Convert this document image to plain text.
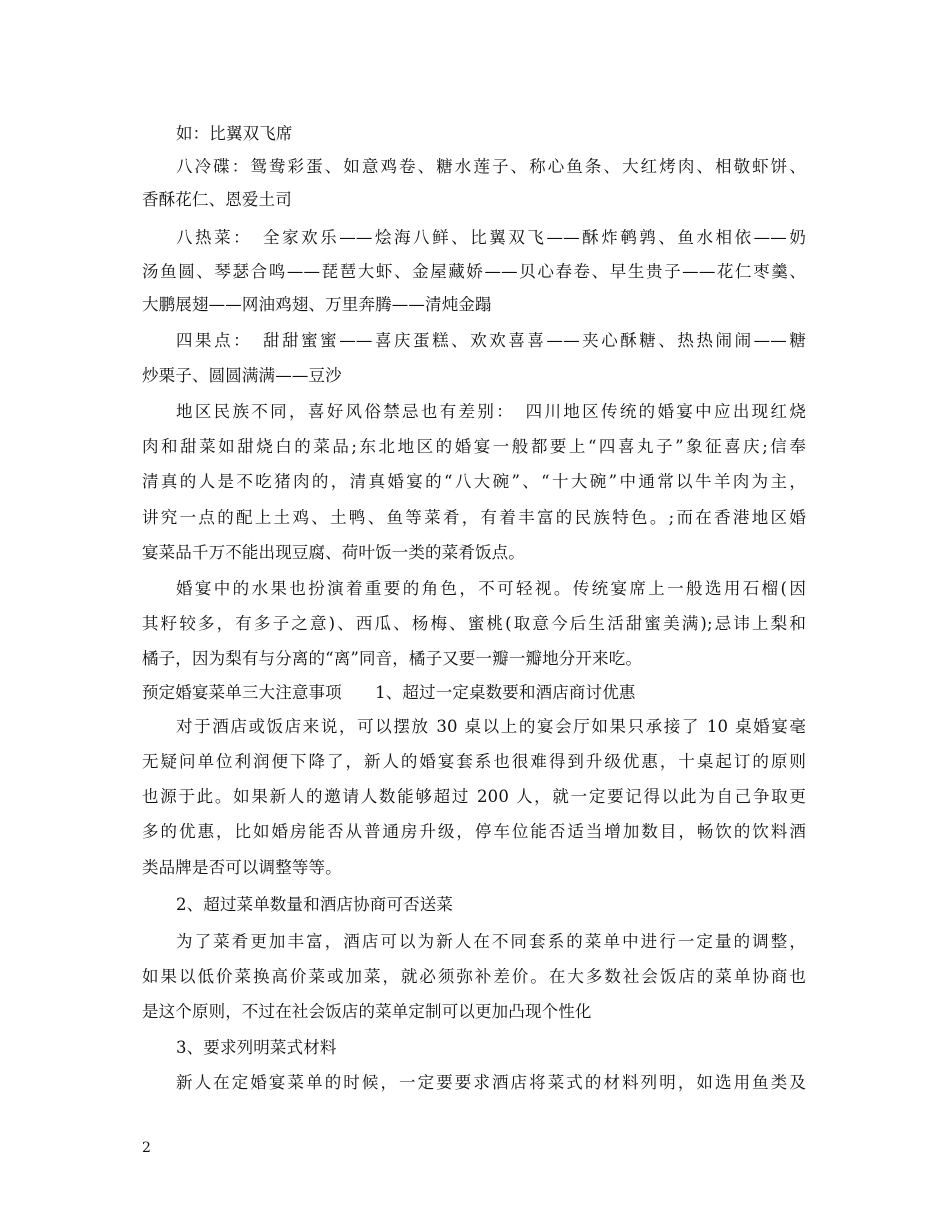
如：比翼双飞席
八冷碟：鸳鸯彩蛋、如意鸡卷、糖水莲子、称心鱼条、大红烤肉、相敬虾饼、
香酥花仁、恩爱土司
八热菜：　全家欢乐——烩海八鲜、比翼双飞——酥炸鹌鹑、鱼水相依——奶
汤鱼圆、琴瑟合鸣——琵琶大虾、金屋藏娇——贝心春卷、早生贵子——花仁枣羹、
大鹏展翅——网油鸡翅、万里奔腾——清炖金蹋
四果点：　甜甜蜜蜜——喜庆蛋糕、欢欢喜喜——夹心酥糖、热热闹闹——糖
炒栗子、圆圆满满——豆沙
地区民族不同，喜好风俗禁忌也有差别：　四川地区传统的婚宴中应出现红烧
肉和甜菜如甜烧白的菜品;东北地区的婚宴一般都要上“四喜丸子”象征喜庆;信奉
清真的人是不吃猪肉的，清真婚宴的“八大碗”、“十大碗”中通常以牛羊肉为主，
讲究一点的配上土鸡、土鸭、鱼等菜肴，有着丰富的民族特色。;而在香港地区婚
宴菜品千万不能出现豆腐、荷叶饭一类的菜肴饭点。
婚宴中的水果也扮演着重要的角色，不可轻视。传统宴席上一般选用石榴(因
其籽较多，有多子之意)、西瓜、杨梅、蜜桃(取意今后生活甜蜜美满);忌讳上梨和
橘子，因为梨有与分离的“离”同音，橘子又要一瓣一瓣地分开来吃。
预定婚宴菜单三大注意事项　　1、超过一定桌数要和酒店商讨优惠
对于酒店或饭店来说，可以摆放 30 桌以上的宴会厅如果只承接了 10 桌婚宴毫
无疑问单位利润便下降了，新人的婚宴套系也很难得到升级优惠，十桌起订的原则
也源于此。如果新人的邀请人数能够超过 200 人，就一定要记得以此为自己争取更
多的优惠，比如婚房能否从普通房升级，停车位能否适当增加数目，畅饮的饮料酒
类品牌是否可以调整等等。
2、超过菜单数量和酒店协商可否送菜
为了菜肴更加丰富，酒店可以为新人在不同套系的菜单中进行一定量的调整，
如果以低价菜换高价菜或加菜，就必须弥补差价。在大多数社会饭店的菜单协商也
是这个原则，不过在社会饭店的菜单定制可以更加凸现个性化
3、要求列明菜式材料
新人在定婚宴菜单的时候，一定要要求酒店将菜式的材料列明，如选用鱼类及
2
